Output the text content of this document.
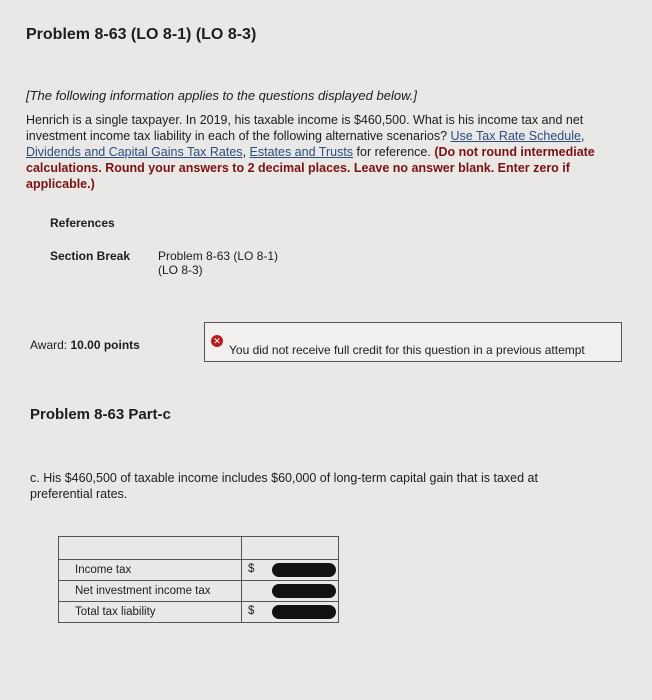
Problem 8-63 (LO 8-1) (LO 8-3)
[The following information applies to the questions displayed below.]
Henrich is a single taxpayer. In 2019, his taxable income is $460,500. What is his income tax and net investment income tax liability in each of the following alternative scenarios? Use Tax Rate Schedule, Dividends and Capital Gains Tax Rates, Estates and Trusts for reference. (Do not round intermediate calculations. Round your answers to 2 decimal places. Leave no answer blank. Enter zero if applicable.)
References
Section Break Problem 8-63 (LO 8-1) (LO 8-3)
Award: 10.00 points	✕
You did not receive full credit for this question in a previous attempt
Problem 8-63 Part-c
c. His $460,500 of taxable income includes $60,000 of long-term capital gain that is taxed at preferential rates.

Income tax	$

Net investment income tax	

Total tax liability	$
